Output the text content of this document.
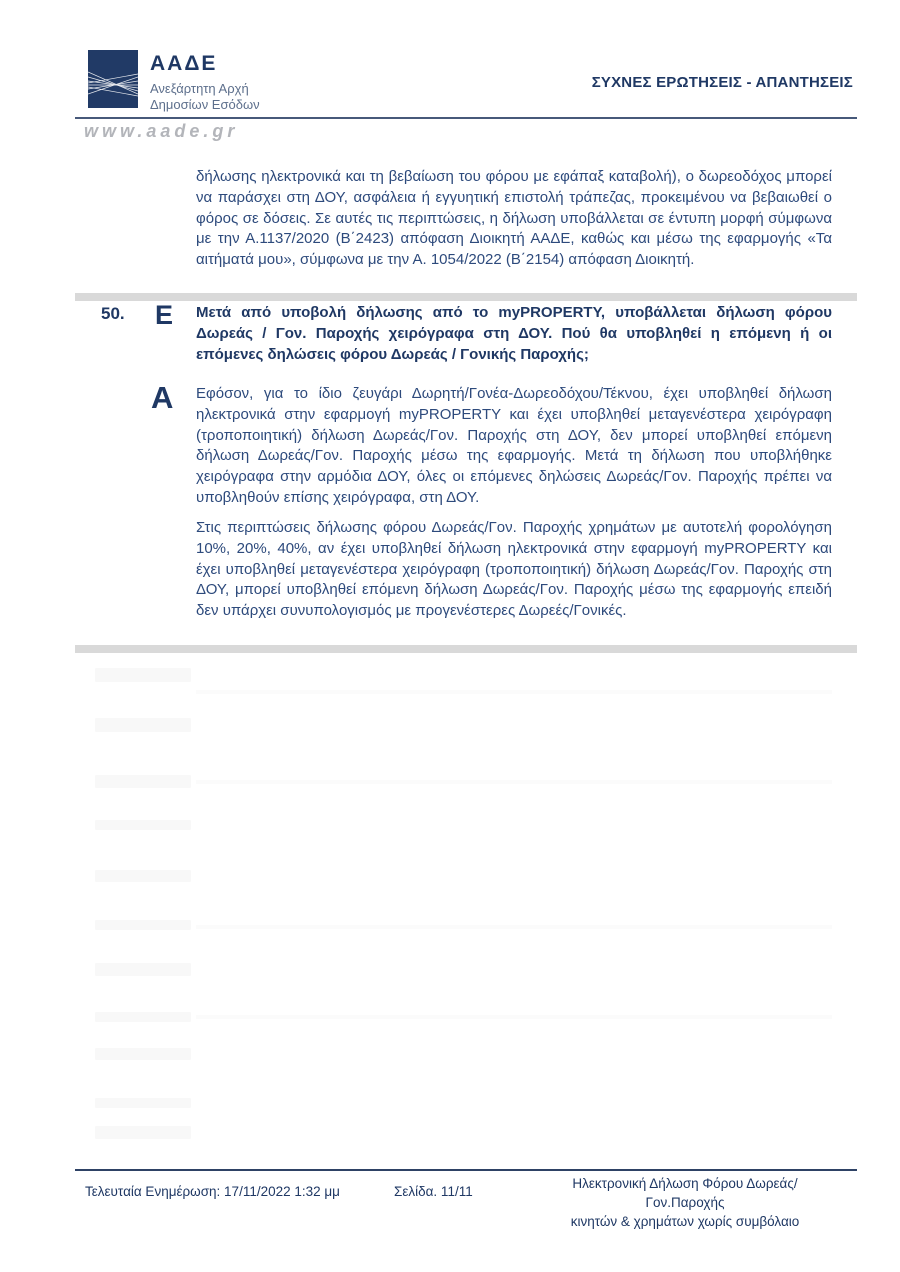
ΑΑΔΕ
Ανεξάρτητη Αρχή
Δημοσίων Εσόδων
ΣΥΧΝΕΣ ΕΡΩΤΗΣΕΙΣ - ΑΠΑΝΤΗΣΕΙΣ
www.aade.gr
δήλωσης ηλεκτρονικά και τη βεβαίωση του φόρου με εφάπαξ καταβολή), ο δωρεοδόχος μπορεί να παράσχει στη ΔΟΥ, ασφάλεια ή εγγυητική επιστολή τράπεζας, προκειμένου να βεβαιωθεί ο φόρος σε δόσεις. Σε αυτές τις περιπτώσεις, η δήλωση υποβάλλεται σε έντυπη μορφή σύμφωνα με την Α.1137/2020 (Β΄2423) απόφαση Διοικητή ΑΑΔΕ, καθώς και μέσω της εφαρμογής «Τα αιτήματά μου», σύμφωνα με την Α. 1054/2022 (Β΄2154) απόφαση Διοικητή.
50. Ε Μετά από υποβολή δήλωσης από το myPROPERTY, υποβάλλεται δήλωση φόρου Δωρεάς / Γον. Παροχής χειρόγραφα στη ΔΟΥ. Πού θα υποβληθεί η επόμενη ή οι επόμενες δηλώσεις φόρου Δωρεάς / Γονικής Παροχής;
Α Εφόσον, για το ίδιο ζευγάρι Δωρητή/Γονέα-Δωρεοδόχου/Τέκνου, έχει υποβληθεί δήλωση ηλεκτρονικά στην εφαρμογή myPROPERTY και έχει υποβληθεί μεταγενέστερα χειρόγραφη (τροποποιητική) δήλωση Δωρεάς/Γον. Παροχής στη ΔΟΥ, δεν μπορεί υποβληθεί επόμενη δήλωση Δωρεάς/Γον. Παροχής μέσω της εφαρμογής. Μετά τη δήλωση που υποβλήθηκε χειρόγραφα στην αρμόδια ΔΟΥ, όλες οι επόμενες δηλώσεις Δωρεάς/Γον. Παροχής πρέπει να υποβληθούν επίσης χειρόγραφα, στη ΔΟΥ.
Στις περιπτώσεις δήλωσης φόρου Δωρεάς/Γον. Παροχής χρημάτων με αυτοτελή φορολόγηση 10%, 20%, 40%, αν έχει υποβληθεί δήλωση ηλεκτρονικά στην εφαρμογή myPROPERTY και έχει υποβληθεί μεταγενέστερα χειρόγραφη (τροποποιητική) δήλωση Δωρεάς/Γον. Παροχής στη ΔΟΥ, μπορεί υποβληθεί επόμενη δήλωση Δωρεάς/Γον. Παροχής μέσω της εφαρμογής επειδή δεν υπάρχει συνυπολογισμός με προγενέστερες Δωρεές/Γονικές.
Τελευταία Ενημέρωση: 17/11/2022 1:32 μμ	Σελίδα. 11/11
Ηλεκτρονική Δήλωση Φόρου Δωρεάς/Γον.Παροχής
κινητών & χρημάτων χωρίς συμβόλαιο
